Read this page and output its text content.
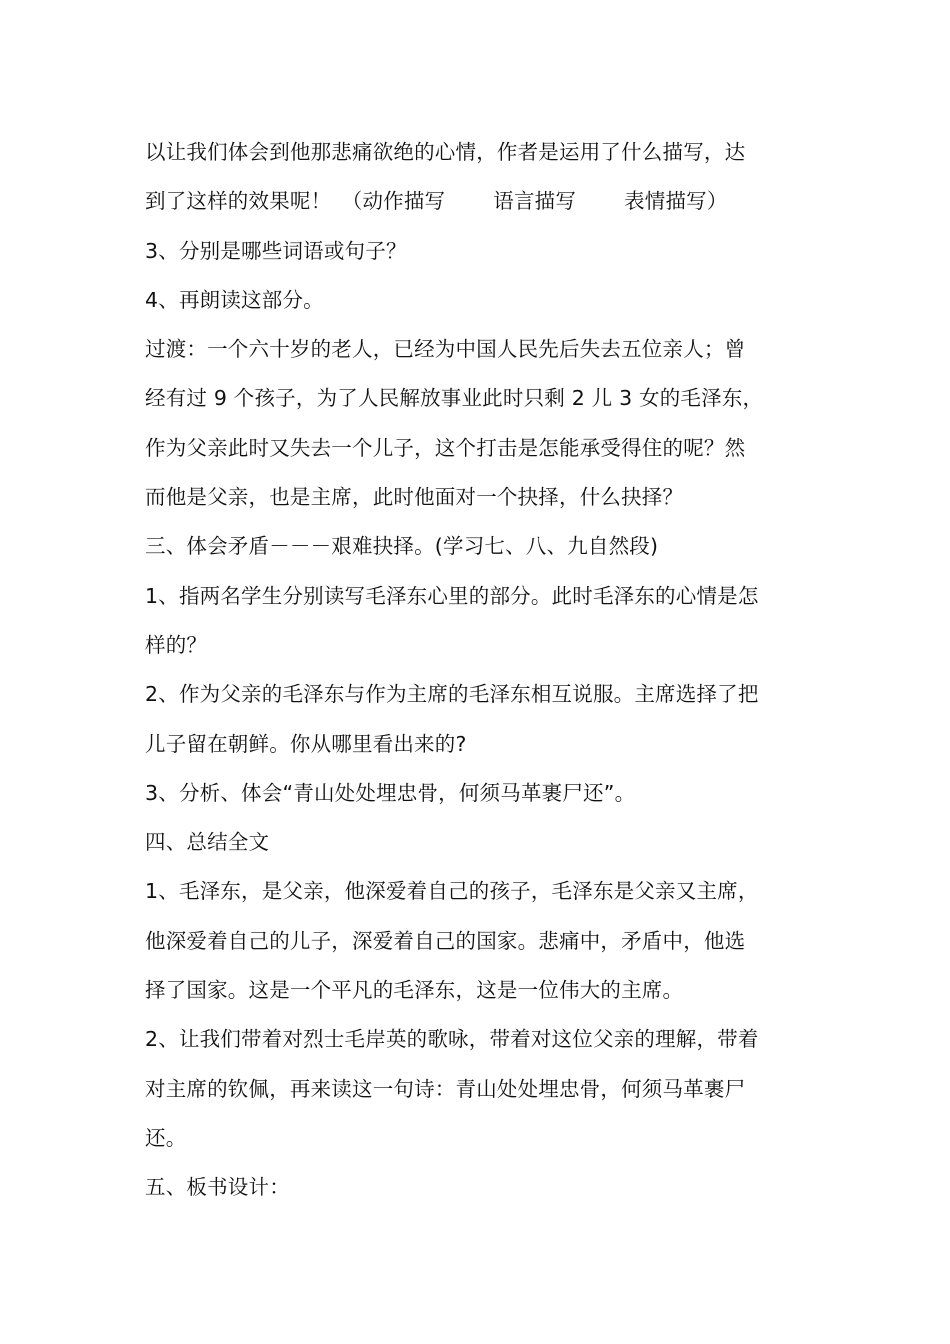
以让我们体会到他那悲痛欲绝的心情，作者是运用了什么描写，达
到了这样的效果呢！　（动作描写 语言描写 表情描写）
3、分别是哪些词语或句子？
4、再朗读这部分。
过渡：一个六十岁的老人，已经为中国人民先后失去五位亲人；曾
经有过 9 个孩子，为了人民解放事业此时只剩 2 儿 3 女的毛泽东，
作为父亲此时又失去一个儿子，这个打击是怎能承受得住的呢？然
而他是父亲，也是主席，此时他面对一个抉择，什么抉择？
三、体会矛盾－－－艰难抉择。(学习七、八、九自然段)
1、指两名学生分别读写毛泽东心里的部分。此时毛泽东的心情是怎
样的？
2、作为父亲的毛泽东与作为主席的毛泽东相互说服。主席选择了把
儿子留在朝鲜。你从哪里看出来的?
3、分析、体会“青山处处埋忠骨，何须马革裹尸还”。
四、总结全文
1、毛泽东，是父亲，他深爱着自己的孩子，毛泽东是父亲又主席，
他深爱着自己的儿子，深爱着自己的国家。悲痛中，矛盾中，他选
择了国家。这是一个平凡的毛泽东，这是一位伟大的主席。
2、让我们带着对烈士毛岸英的歌咏，带着对这位父亲的理解，带着
对主席的钦佩，再来读这一句诗：青山处处埋忠骨，何须马革裹尸
还。
五、板书设计：
